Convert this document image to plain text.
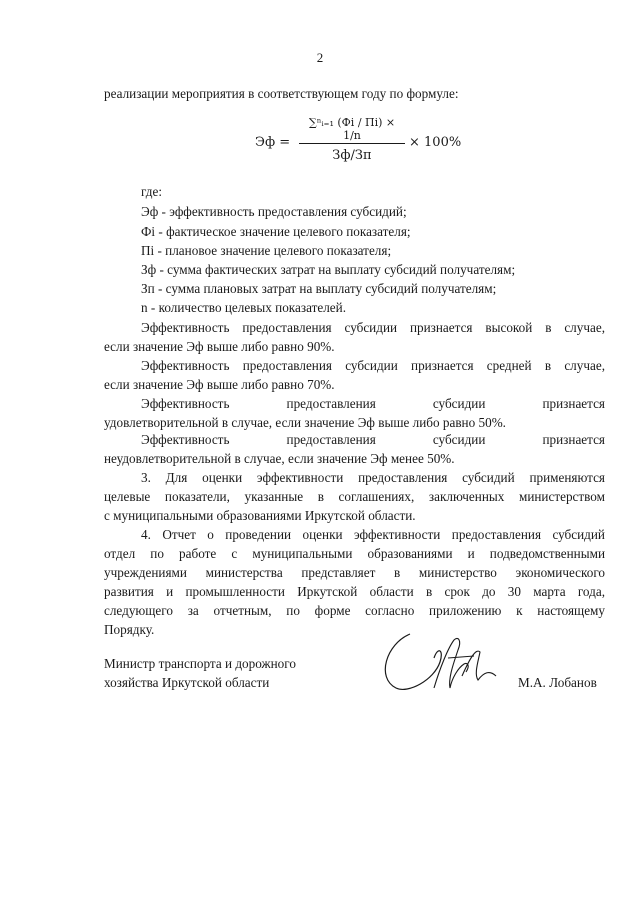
2
реализации мероприятия в соответствующем году по формуле:
Эф =
∑ⁿᵢ₌₁ (Фi / Пi) × 1/n
Зф/Зп
× 100%
где:
Эф - эффективность предоставления субсидий;
Фi - фактическое значение целевого показателя;
Пi - плановое значение целевого показателя;
Зф - сумма фактических затрат на выплату субсидий получателям;
Зп - сумма плановых затрат на выплату субсидий получателям;
n - количество целевых показателей.
Эффективность предоставления субсидии признается высокой в случае,
если значение Эф выше либо равно 90%.
Эффективность предоставления субсидии признается средней в случае,
если значение Эф выше либо равно 70%.
Эффективность предоставления субсидии признается
удовлетворительной в случае, если значение Эф выше либо равно 50%.
Эффективность предоставления субсидии признается
неудовлетворительной в случае, если значение Эф менее 50%.
3. Для оценки эффективности предоставления субсидий применяются
целевые показатели, указанные в соглашениях, заключенных министерством
с муниципальными образованиями Иркутской области.
4. Отчет о проведении оценки эффективности предоставления субсидий
отдел по работе с муниципальными образованиями и подведомственными
учреждениями министерства представляет в министерство экономического
развития и промышленности Иркутской области в срок до 30 марта года,
следующего за отчетным, по форме согласно приложению к настоящему
Порядку.
Министр транспорта и дорожного
хозяйства Иркутской области	М.А. Лобанов
